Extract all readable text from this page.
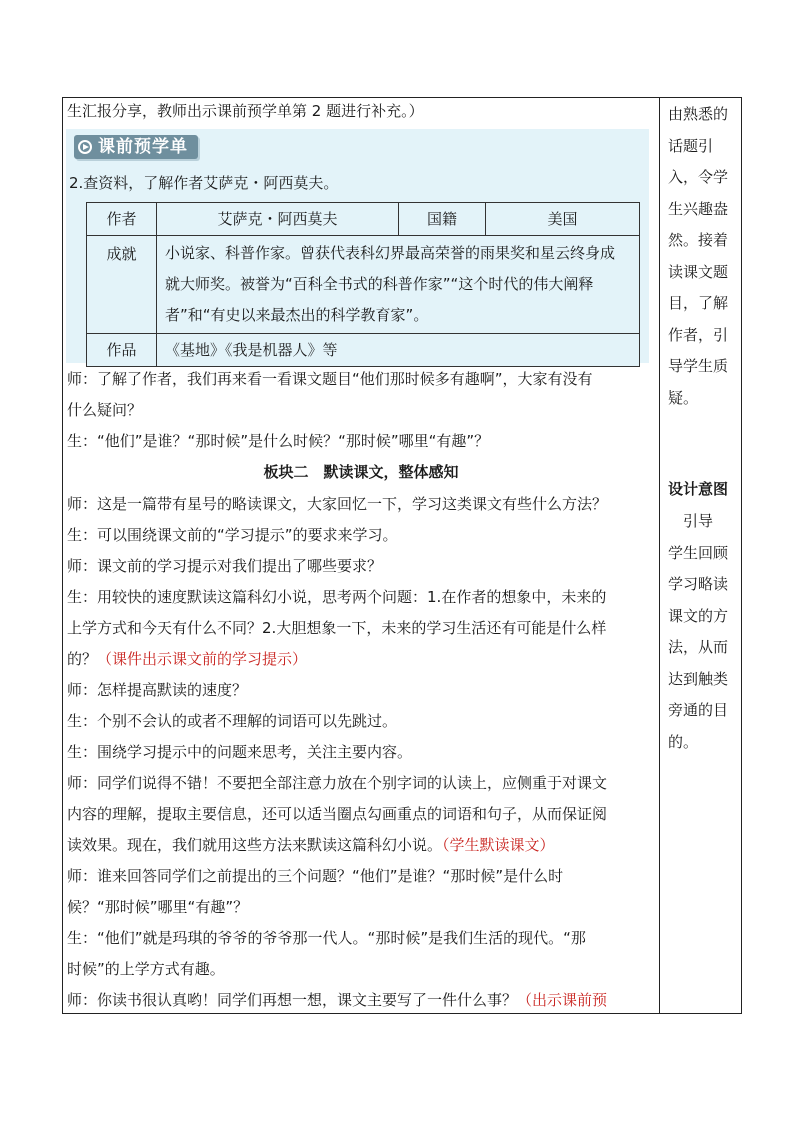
生汇报分享，教师出示课前预学单第 2 题进行补充。）
课前预学单
2.查资料，了解作者艾萨克・阿西莫夫。
作者	艾萨克・阿西莫夫	国籍	美国
成就	小说家、科普作家。曾获代表科幻界最高荣誉的雨果奖和星云终身成
就大师奖。被誉为“百科全书式的科普作家”“这个时代的伟大阐释
者”和“有史以来最杰出的科学教育家”。		

作品	《基地》《我是机器人》等		
师：了解了作者，我们再来看一看课文题目“他们那时候多有趣啊”，大家有没有
什么疑问？
生：“他们”是谁？“那时候”是什么时候？“那时候”哪里“有趣”？
板块二　默读课文，整体感知
师：这是一篇带有星号的略读课文，大家回忆一下，学习这类课文有些什么方法？
生：可以围绕课文前的“学习提示”的要求来学习。
师：课文前的学习提示对我们提出了哪些要求？
生：用较快的速度默读这篇科幻小说，思考两个问题：1.在作者的想象中，未来的
上学方式和今天有什么不同？2.大胆想象一下，未来的学习生活还有可能是什么样
的？（课件出示课文前的学习提示）
师：怎样提高默读的速度？
生：个别不会认的或者不理解的词语可以先跳过。
生：围绕学习提示中的问题来思考，关注主要内容。
师：同学们说得不错！不要把全部注意力放在个别字词的认读上，应侧重于对课文
内容的理解，提取主要信息，还可以适当圈点勾画重点的词语和句子，从而保证阅
读效果。现在，我们就用这些方法来默读这篇科幻小说。（学生默读课文）
师：谁来回答同学们之前提出的三个问题？“他们”是谁？“那时候”是什么时
候？“那时候”哪里“有趣”？
生：“他们”就是玛琪的爷爷的爷爷那一代人。“那时候”是我们生活的现代。“那
时候”的上学方式有趣。
师：你读书很认真哟！同学们再想一想，课文主要写了一件什么事？（出示课前预
由熟悉的
话题引
入，令学
生兴趣盎
然。接着
读课文题
目，了解
作者，引
导学生质
疑。
设计意图
　引导
学生回顾
学习略读
课文的方
法，从而
达到触类
旁通的目
的。
